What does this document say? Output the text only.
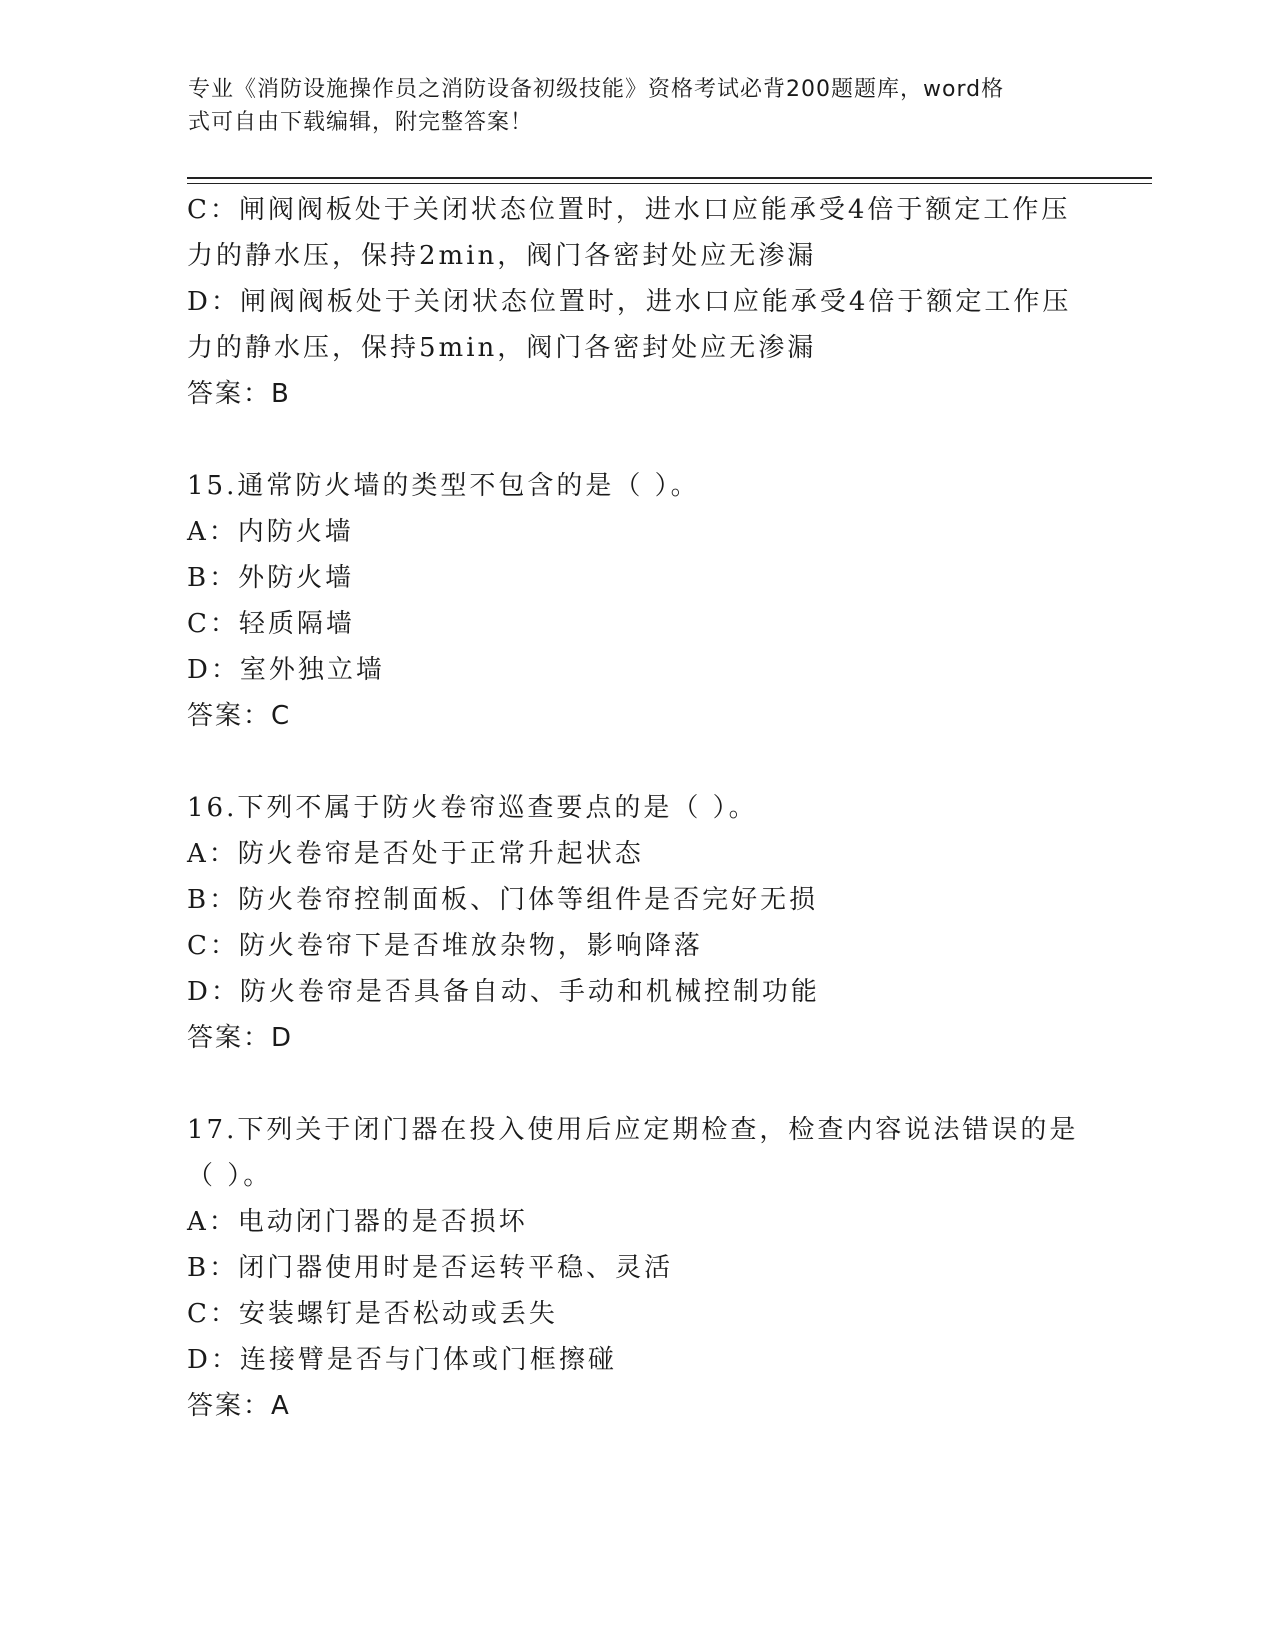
专业《消防设施操作员之消防设备初级技能》资格考试必背200题题库，word格
式可自由下载编辑，附完整答案！
C：闸阀阀板处于关闭状态位置时，进水口应能承受4倍于额定工作压
力的静水压，保持2min，阀门各密封处应无渗漏
D：闸阀阀板处于关闭状态位置时，进水口应能承受4倍于额定工作压
力的静水压，保持5min，阀门各密封处应无渗漏
答案：B
15.通常防火墙的类型不包含的是（ ）。
A：内防火墙
B：外防火墙
C：轻质隔墙
D：室外独立墙
答案：C
16.下列不属于防火卷帘巡查要点的是（ ）。
A：防火卷帘是否处于正常升起状态
B：防火卷帘控制面板、门体等组件是否完好无损
C：防火卷帘下是否堆放杂物，影响降落
D：防火卷帘是否具备自动、手动和机械控制功能
答案：D
17.下列关于闭门器在投入使用后应定期检查，检查内容说法错误的是
（ ）。
A：电动闭门器的是否损坏
B：闭门器使用时是否运转平稳、灵活
C：安装螺钉是否松动或丢失
D：连接臂是否与门体或门框擦碰
答案：A
